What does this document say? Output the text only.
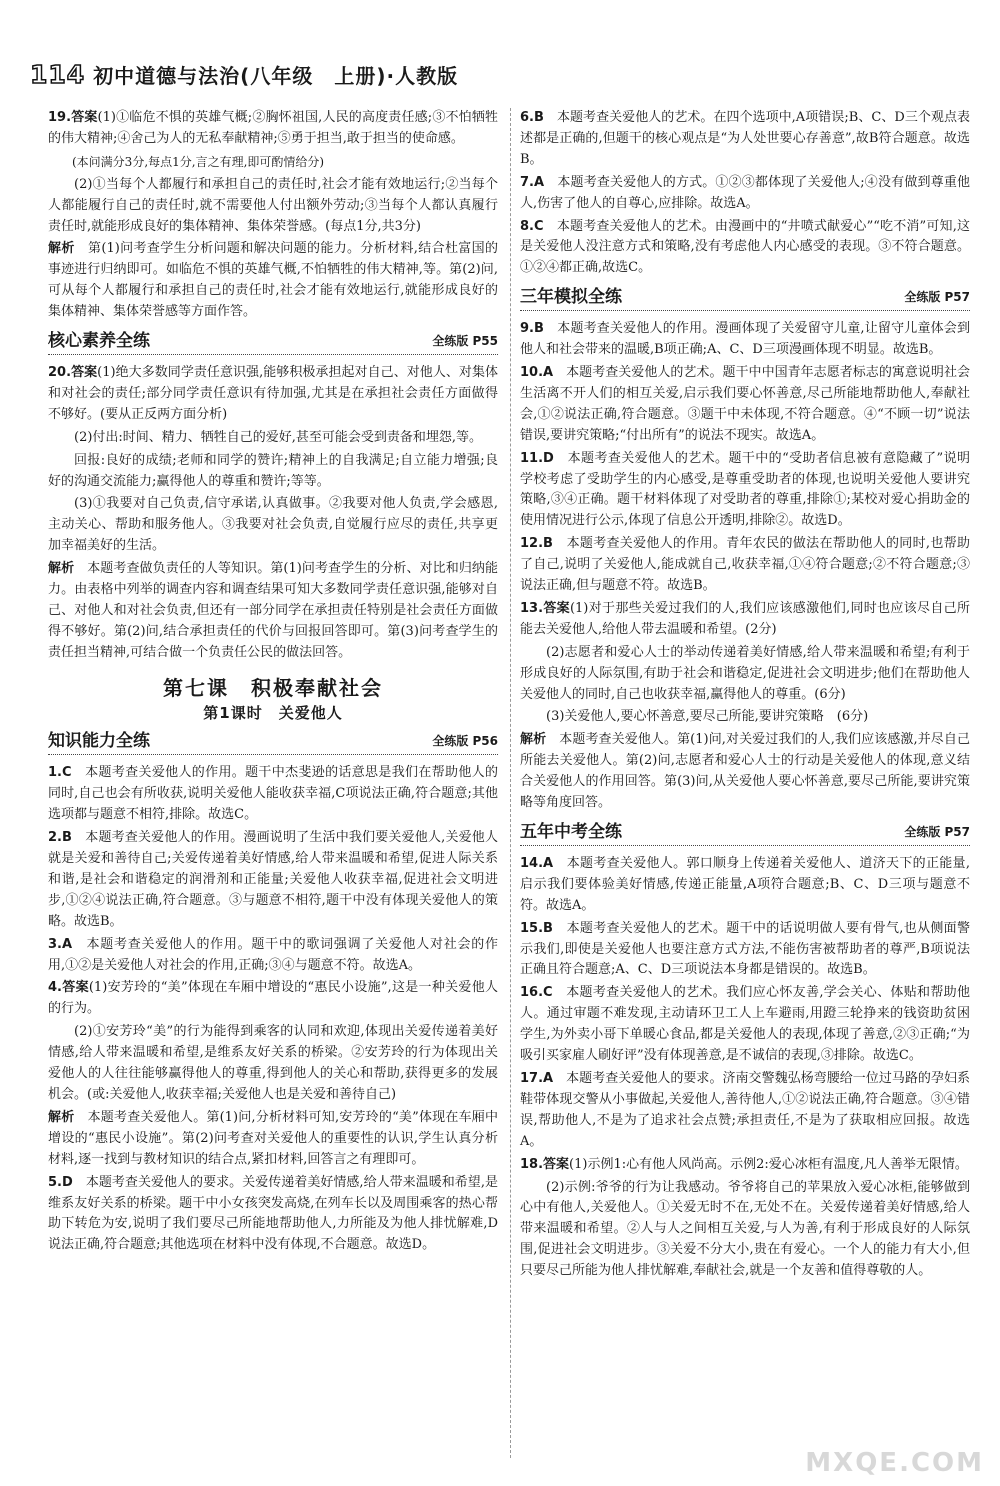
114 初中道德与法治(八年级　上册)·人教版
19.答案(1)①临危不惧的英雄气概;②胸怀祖国,人民的高度责任感;③不怕牺牲的伟大精神;④舍己为人的无私奉献精神;⑤勇于担当,敢于担当的使命感。
(本问满分3分,每点1分,言之有理,即可酌情给分)
(2)①当每个人都履行和承担自己的责任时,社会才能有效地运行;②当每个人都能履行自己的责任时,就不需要他人付出额外劳动;③当每个人都认真履行责任时,就能形成良好的集体精神、集体荣誉感。(每点1分,共3分)
解析　第(1)问考查学生分析问题和解决问题的能力。分析材料,结合杜富国的事迹进行归纳即可。如临危不惧的英雄气概,不怕牺牲的伟大精神,等。第(2)问,可从每个人都履行和承担自己的责任时,社会才能有效地运行,就能形成良好的集体精神、集体荣誉感等方面作答。
核心素养全练	全练版 P55
20.答案(1)绝大多数同学责任意识强,能够积极承担起对自己、对他人、对集体和对社会的责任;部分同学责任意识有待加强,尤其是在承担社会责任方面做得不够好。(要从正反两方面分析)
(2)付出:时间、精力、牺牲自己的爱好,甚至可能会受到责备和埋怨,等。
回报:良好的成绩;老师和同学的赞许;精神上的自我满足;自立能力增强;良好的沟通交流能力;赢得他人的尊重和赞许;等等。
(3)①我要对自己负责,信守承诺,认真做事。②我要对他人负责,学会感恩,主动关心、帮助和服务他人。③我要对社会负责,自觉履行应尽的责任,共享更加幸福美好的生活。
解析　本题考查做负责任的人等知识。第(1)问考查学生的分析、对比和归纳能力。由表格中列举的调查内容和调查结果可知大多数同学责任意识强,能够对自己、对他人和对社会负责,但还有一部分同学在承担责任特别是社会责任方面做得不够好。第(2)问,结合承担责任的代价与回报回答即可。第(3)问考查学生的责任担当精神,可结合做一个负责任公民的做法回答。
第七课　积极奉献社会
第1课时　关爱他人
知识能力全练	全练版 P56
1.C　本题考查关爱他人的作用。题干中杰斐逊的话意思是我们在帮助他人的同时,自己也会有所收获,说明关爱他人能收获幸福,C项说法正确,符合题意;其他选项都与题意不相符,排除。故选C。
2.B　本题考查关爱他人的作用。漫画说明了生活中我们要关爱他人,关爱他人就是关爱和善待自己;关爱传递着美好情感,给人带来温暖和希望,促进人际关系和谐,是社会和谐稳定的润滑剂和正能量;关爱他人收获幸福,促进社会文明进步,①②④说法正确,符合题意。③与题意不相符,题干中没有体现关爱他人的策略。故选B。
3.A　本题考查关爱他人的作用。题干中的歌词强调了关爱他人对社会的作用,①②是关爱他人对社会的作用,正确;③④与题意不符。故选A。
4.答案(1)安芳玲的“美”体现在车厢中增设的“惠民小设施”,这是一种关爱他人的行为。
(2)①安芳玲“美”的行为能得到乘客的认同和欢迎,体现出关爱传递着美好情感,给人带来温暖和希望,是维系友好关系的桥梁。②安芳玲的行为体现出关爱他人的人往往能够赢得他人的尊重,得到他人的关心和帮助,获得更多的发展机会。(或:关爱他人,收获幸福;关爱他人也是关爱和善待自己)
解析　本题考查关爱他人。第(1)问,分析材料可知,安芳玲的“美”体现在车厢中增设的“惠民小设施”。第(2)问考查对关爱他人的重要性的认识,学生认真分析材料,逐一找到与教材知识的结合点,紧扣材料,回答言之有理即可。
5.D　本题考查关爱他人的要求。关爱传递着美好情感,给人带来温暖和希望,是维系友好关系的桥梁。题干中小女孩突发高烧,在列车长以及周围乘客的热心帮助下转危为安,说明了我们要尽己所能地帮助他人,力所能及为他人排忧解难,D说法正确,符合题意;其他选项在材料中没有体现,不合题意。故选D。
6.B　本题考查关爱他人的艺术。在四个选项中,A项错误;B、C、D三个观点表述都是正确的,但题干的核心观点是“为人处世要心存善意”,故B符合题意。故选B。
7.A　本题考查关爱他人的方式。①②③都体现了关爱他人;④没有做到尊重他人,伤害了他人的自尊心,应排除。故选A。
8.C　本题考查关爱他人的艺术。由漫画中的“井喷式献爱心”“吃不消”可知,这是关爱他人没注意方式和策略,没有考虑他人内心感受的表现。③不符合题意。①②④都正确,故选C。
三年模拟全练	全练版 P57
9.B　本题考查关爱他人的作用。漫画体现了关爱留守儿童,让留守儿童体会到他人和社会带来的温暖,B项正确;A、C、D三项漫画体现不明显。故选B。
10.A　本题考查关爱他人的艺术。题干中中国青年志愿者标志的寓意说明社会生活离不开人们的相互关爱,启示我们要心怀善意,尽己所能地帮助他人,奉献社会,①②说法正确,符合题意。③题干中未体现,不符合题意。④“不顾一切”说法错误,要讲究策略;“付出所有”的说法不现实。故选A。
11.D　本题考查关爱他人的艺术。题干中的“受助者信息被有意隐藏了”说明学校考虑了受助学生的内心感受,是尊重受助者的体现,也说明关爱他人要讲究策略,③④正确。题干材料体现了对受助者的尊重,排除①;某校对爱心捐助金的使用情况进行公示,体现了信息公开透明,排除②。故选D。
12.B　本题考查关爱他人的作用。青年农民的做法在帮助他人的同时,也帮助了自己,说明了关爱他人,能成就自己,收获幸福,①④符合题意;②不符合题意;③说法正确,但与题意不符。故选B。
13.答案(1)对于那些关爱过我们的人,我们应该感激他们,同时也应该尽自己所能去关爱他人,给他人带去温暖和希望。(2分)
(2)志愿者和爱心人士的举动传递着美好情感,给人带来温暖和希望;有利于形成良好的人际氛围,有助于社会和谐稳定,促进社会文明进步;他们在帮助他人关爱他人的同时,自己也收获幸福,赢得他人的尊重。(6分)
(3)关爱他人,要心怀善意,要尽己所能,要讲究策略　(6分)
解析　本题考查关爱他人。第(1)问,对关爱过我们的人,我们应该感激,并尽自己所能去关爱他人。第(2)问,志愿者和爱心人士的行动是关爱他人的体现,意义结合关爱他人的作用回答。第(3)问,从关爱他人要心怀善意,要尽己所能,要讲究策略等角度回答。
五年中考全练	全练版 P57
14.A　本题考查关爱他人。郭口顺身上传递着关爱他人、道济天下的正能量,启示我们要体验美好情感,传递正能量,A项符合题意;B、C、D三项与题意不符。故选A。
15.B　本题考查关爱他人的艺术。题干中的话说明做人要有骨气,也从侧面警示我们,即使是关爱他人也要注意方式方法,不能伤害被帮助者的尊严,B项说法正确且符合题意;A、C、D三项说法本身都是错误的。故选B。
16.C　本题考查关爱他人的艺术。我们应心怀友善,学会关心、体贴和帮助他人。通过审题不难发现,主动请环卫工人上车避雨,用蹬三轮挣来的钱资助贫困学生,为外卖小哥下单暖心食品,都是关爱他人的表现,体现了善意,②③正确;“为吸引买家雇人刷好评”没有体现善意,是不诚信的表现,③排除。故选C。
17.A　本题考查关爱他人的要求。济南交警魏弘杨弯腰给一位过马路的孕妇系鞋带体现交警从小事做起,关爱他人,善待他人,①②说法正确,符合题意。③④错误,帮助他人,不是为了追求社会点赞;承担责任,不是为了获取相应回报。故选A。
18.答案(1)示例1:心有他人风尚高。示例2:爱心冰柜有温度,凡人善举无限情。
(2)示例:爷爷的行为让我感动。爷爷将自己的苹果放入爱心冰柜,能够做到心中有他人,关爱他人。①关爱无时不在,无处不在。关爱传递着美好情感,给人带来温暖和希望。②人与人之间相互关爱,与人为善,有利于形成良好的人际氛围,促进社会文明进步。③关爱不分大小,贵在有爱心。一个人的能力有大小,但只要尽己所能为他人排忧解难,奉献社会,就是一个友善和值得尊敬的人。
MXQE.COM
